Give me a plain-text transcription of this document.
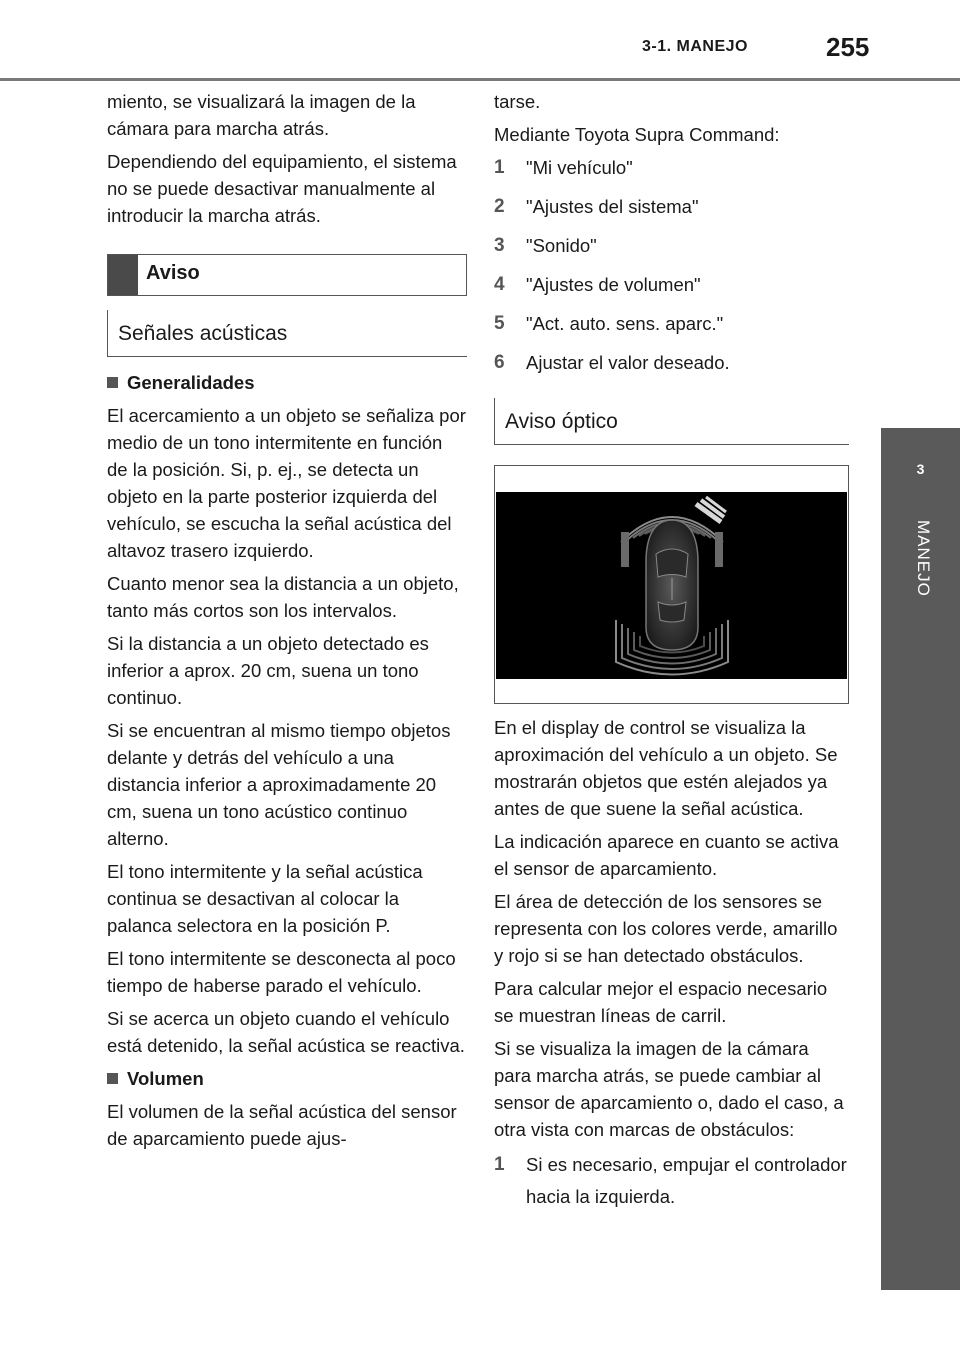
3-1. MANEJO	255
3
MANEJO

miento, se visualizará la imagen de la cámara para marcha atrás.

Dependiendo del equipamiento, el sistema no se puede desactivar manualmente al introducir la marcha atrás.

Aviso
Señales acústicas

Generalidades

El acercamiento a un objeto se señaliza por medio de un tono intermitente en función de la posición. Si, p. ej., se detecta un objeto en la parte posterior izquierda del vehículo, se escucha la señal acústica del altavoz trasero izquierdo.

Cuanto menor sea la distancia a un objeto, tanto más cortos son los intervalos.

Si la distancia a un objeto detectado es inferior a aprox. 20 cm, suena un tono continuo.

Si se encuentran al mismo tiempo objetos delante y detrás del vehículo a una distancia inferior a aproximadamente 20 cm, suena un tono acústico continuo alterno.

El tono intermitente y la señal acústica continua se desactivan al colocar la palanca selectora en la posición P.

El tono intermitente se desconecta al poco tiempo de haberse parado el vehículo.

Si se acerca un objeto cuando el vehículo está detenido, la señal acústica se reactiva.

Volumen

El volumen de la señal acústica del sensor de aparcamiento puede ajus-

tarse.

Mediante Toyota Supra Command:

1 "Mi vehículo"
2 "Ajustes del sistema"
3 "Sonido"
4 "Ajustes de volumen"
5 "Act. auto. sens. aparc."
6 Ajustar el valor deseado.
Aviso óptico

En el display de control se visualiza la aproximación del vehículo a un objeto. Se mostrarán objetos que estén alejados ya antes de que suene la señal acústica.

La indicación aparece en cuanto se activa el sensor de aparcamiento.

El área de detección de los sensores se representa con los colores verde, amarillo y rojo si se han detectado obstáculos.

Para calcular mejor el espacio necesario se muestran líneas de carril.

Si se visualiza la imagen de la cámara para marcha atrás, se puede cambiar al sensor de aparcamiento o, dado el caso, a otra vista con marcas de obstáculos:

1 Si es necesario, empujar el controlador hacia la izquierda.
